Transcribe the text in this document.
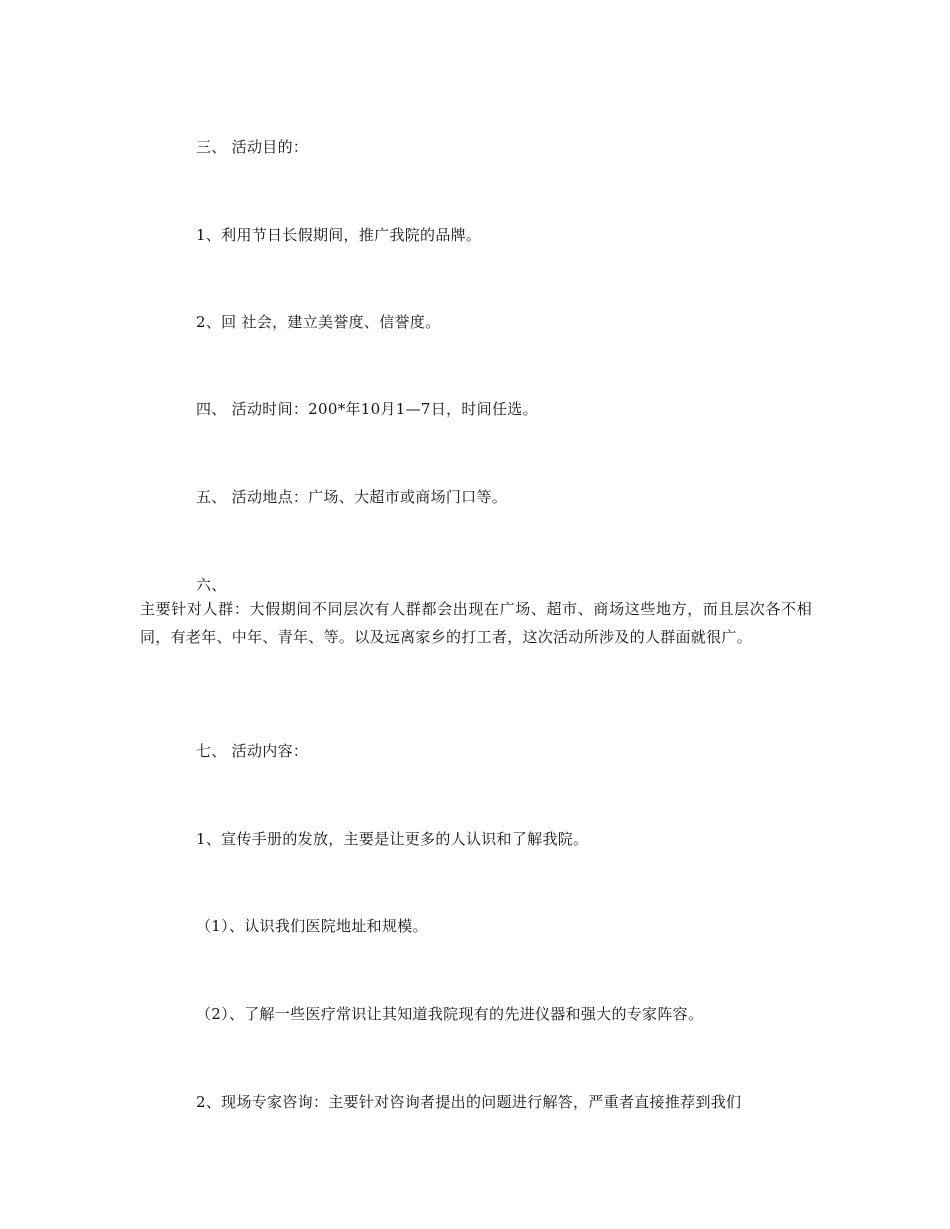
三、 活动目的：
1、利用节日长假期间，推广我院的品牌。
2、回 社会，建立美誉度、信誉度。
四、 活动时间：200*年10月1—7日，时间任选。
五、 活动地点：广场、大超市或商场门口等。
六、
主要针对人群：大假期间不同层次有人群都会出现在广场、超市、商场这些地方，而且层次各不相同，有老年、中年、青年、等。以及远离家乡的打工者，这次活动所涉及的人群面就很广。
七、 活动内容：
1、宣传手册的发放，主要是让更多的人认识和了解我院。
（1）、认识我们医院地址和规模。
（2）、了解一些医疗常识让其知道我院现有的先进仪器和强大的专家阵容。
2、现场专家咨询：主要针对咨询者提出的问题进行解答，严重者直接推荐到我们
